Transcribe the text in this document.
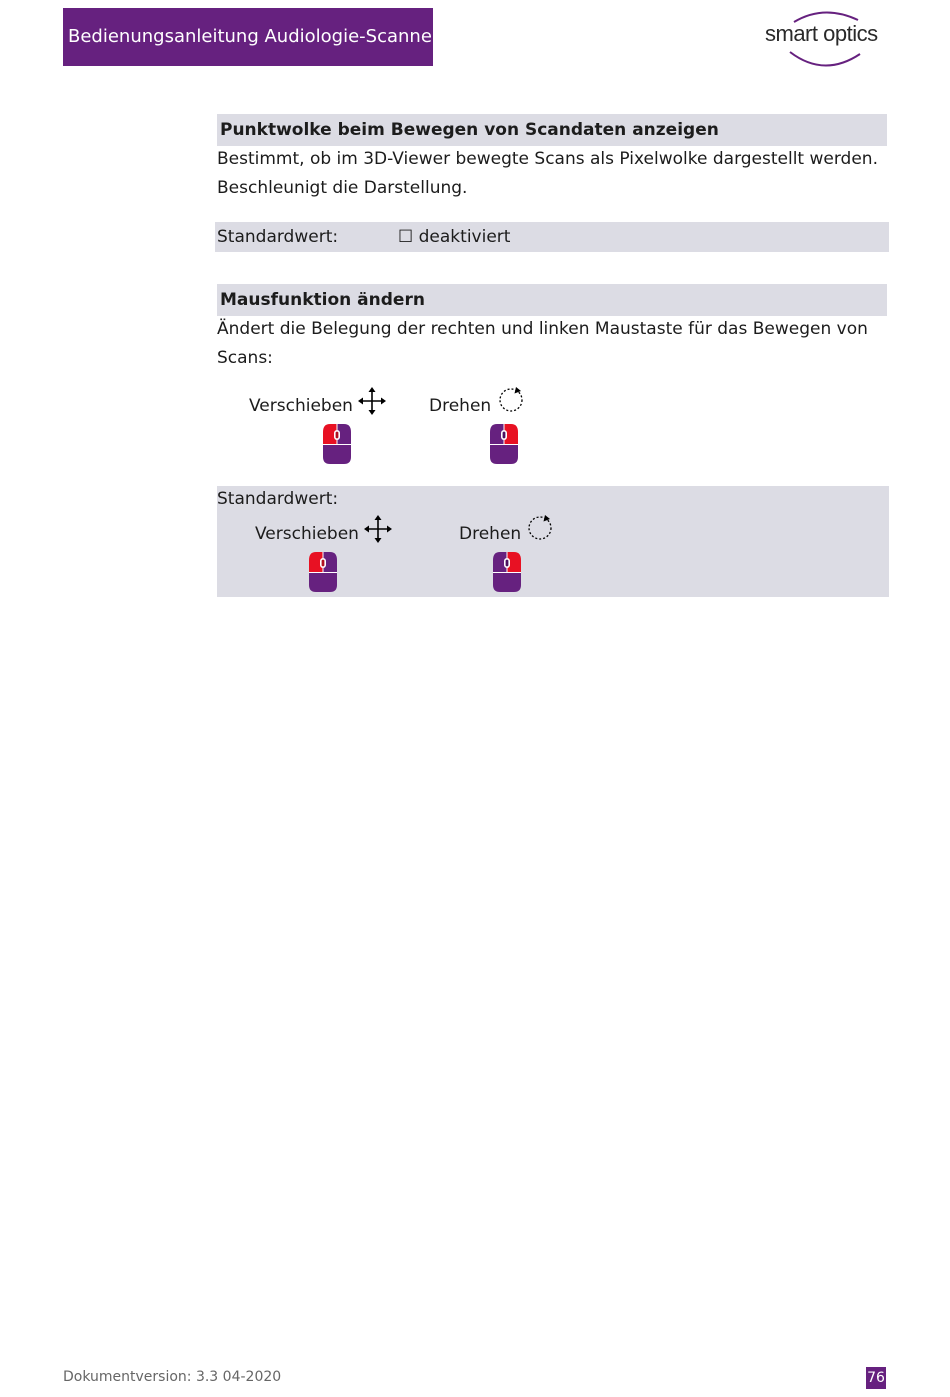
Bedienungsanleitung Audiologie-Scanner	smart optics
Punktwolke beim Bewegen von Scandaten anzeigen
Bestimmt, ob im 3D-Viewer bewegte Scans als Pixelwolke dargestellt werden. Beschleunigt die Darstellung.
Standardwert:	☐ deaktiviert
Mausfunktion ändern
Ändert die Belegung der rechten und linken Maustaste für das Bewegen von Scans:
Verschieben	Drehen
Standardwert:
Verschieben	Drehen
Dokumentversion: 3.3 04-2020	76
